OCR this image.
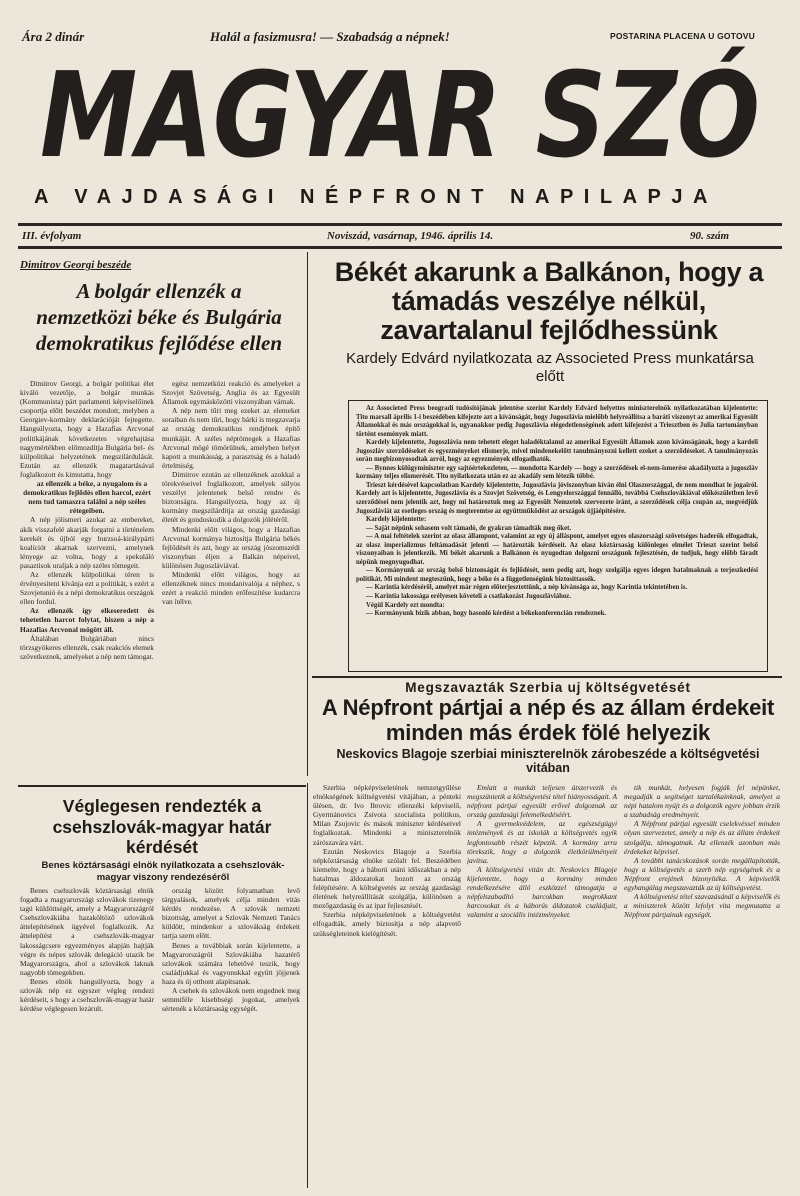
Ára 2 dinár	Halál a fasizmusra! — Szabadság a népnek!	POSTARINA PLACENA U GOTOVU
MAGYAR SZÓ
A VAJDASÁGI NÉPFRONT NAPILAPJA
III. évfolyam	Noviszád, vasárnap, 1946. április 14.	90. szám
Dimitrov Georgi beszéde
A bolgár ellenzék a nemzetközi béke és Bulgária demokratikus fejlődése ellen

Dimitrov Georgi, a bolgár politikai élet kiváló vezetője, a bolgár munkás (Kommunista) párt parlamenti képviselőinek csoportja előtt beszédet mondott, melyben a Georgiev-kormány deklarációját fejtegette. Hangsúlyozta, hogy a Hazafias Arcvonal politikájának következetes végrehajtása nagymértékben előmozdítja Bulgária bel- és külpolitikai helyzetének megszilárdulását. Ezután az ellenzék magatartásával foglalkozott és kimutatta, hogy

az ellenzék a béke, a nyugalom és a demokratikus fejlődés ellen harcol, ezért nem tud tamaszra találni a nép széles rétegeiben.

A nép jólismeri azokat az embereket, akik visszafelé akarják forgatni a történelem kerekét és újból egy burzsoá-királypárti koalíciót akarnak szervezni, amelynek lényege az volna, hogy a spekuláló pasaztisok uraljak a nép széles tömegeit.

Az ellenzék külpolitikai téren is érvényesíteni kívánja ezt a politikát, s ezért a Szovjetunió és a népi demokratikus országok ellen fordul.

Az ellenzék így elkeseredett és tehetetlen harcot folytat, hiszen a nép a Hazafias Arcvonal mögött áll.

Általában Bulgáriában nincs törzsgyökeres ellenzék, csak reakciós elemek szövetkeznek, amelyeket a nép nem támogat.

egész nemzetközi reakció és amelyeket a Szovjet Szövetség, Anglia és az Egyesült Államok egymásközötti viszonyában várnak.

A nép nem tűri meg ezeket az elemeket soraiban és nem tűri, hogy bárki is megzavarja az ország demokratikus rendjének építő munkáját. A széles néptömegek a Hazafias Arcvonal mögé tömörülnek, amelyben helyet kapott a munkásság, a parasztság és a haladó értelmiség.

Dimitrov ezután az ellenzéknek azokkal a törekvéseivel foglalkozott, amelyek súlyos veszélyt jelentenek belső rendre és biztonságra. Hangsúlyozta, hogy az új kormány megszilárdítja az ország gazdasági életét és gondoskodik a dolgozók jólétéről.

Mindenki előtt világos, hogy a Hazafias Arcvonal kormánya biztosítja Bulgária békés fejlődését és azt, hogy az ország jószomszédi viszonyban éljen a Balkán népeivel, különösen Jugoszláviával.

Mindenki előtt világos, hogy az ellenzéknek nincs mondanivalója a néphez, s ezért a reakció minden erőfeszítése kudarcra van ítélve.

Békét akarunk a Balkánon, hogy a támadás veszélye nélkül, zavartalanul fejlődhessünk
Kardely Edvárd nyilatkozata az Associeted Press munkatársa előtt

Az Associeted Press beogradi tudósítójának jelentése szerint Kardely Edvárd helyettes miniszterelnök nyilatkozatában kijelentette: Tito marsall április 1-i beszédében kifejezte azt a kívánságát, hogy Jugoszlávia mielőbb helyreállítsa a baráti viszonyt az amerikai Egyesült Államokkal és más országokkal is, ugyanakkor pedig Jugoszlávia elégedetlenségének adott kifejezést a Triesztben és Julia tartományban történt események miatt.

Kardely kijelentette, Jugoszlávia nem tehetett eleget haladéktalanul az amerikai Egyesült Államok azon kívánságának, hogy a kardeli Jugoszláv szerződéseket és egyezményeket elismerje, mivel mindenekelőtt tanulmányozni kellett ezeket a szerződéseket. A tanulmányozás során megbizonyosodtak arról, hogy az egyezmények elfogadhatók.

— Bynnes külügyminiszter egy sajtóértekezleten, — mondotta Kardely — hogy a szerződések el-nem-ismerése akadályozta a jugoszláv kormány teljes elismerését. Tito nyilatkozata után ez az akadály sem létezik többé.

Trieszt kérdésével kapcsolatban Kardely kijelentette, Jugoszlávia jóviszonyban kíván élni Olaszországgal, de nem mondhat le jogairól. Kardely azt is kijelentette, Jugoszlávia és a Szovjet Szövetség, és Lengyelországgal fennálló, továbbá Csehszlovákiával előkészületben levő szerződései nem jelentik azt, hogy mi határoztuk meg az Egyesült Nemzetek szervezete iránt, a szerződések célja csupán az, megvédjük Jugoszláviát az esetleges ország és megteremtse az együttműködést az országok újjáépítésére.

Kardely kijelentette:

— Saját népünk sohasem volt támadó, de gyakran támadták meg őket.

— A mai feltételek szerint az olasz állampont, valamint az egy új álláspont, amelyet egyes olaszországi szövetséges haderők elfogadtak, az olasz imperializmus feltámadását jelenti — határozták kérdéseit. Az olasz köztársaság különleges elmélet Trieszt szerint belső viszonyaiban is jelentkezik. Mi békét akarunk a Balkánon és nyugodtan dolgozni országunk fejlesztésén, de tudjuk, hogy előbb fáradt népünk megnyugodhat.

— Kormányunk az ország belső biztonságát és fejlődését, nem pedig azt, hogy szolgálja egyes idegen hatalmaknak a terjeszkedési politikát. Mi mindent megteszünk, hogy a béke és a függetlenségünk biztosíttassék.

— Karintia kérdéséről, amelyet már régen előterjesztettünk, a nép kívánsága az, hogy Karintia tekintetében is.

— Karintia lakossága erélyesen követeli a csatlakozást Jugoszláviához.

Végül Kardely ezt mondta:

— Kormányunk bízik abban, hogy hasonló kérdést a békekonferencián rendeznek.

Megszavazták Szerbia uj költségvetését
A Népfront pártjai a nép és az állam érdekeit minden más érdek fölé helyezik
Neskovics Blagoje szerbiai miniszterelnök zárobeszéde a költségvetési vitában

Szerbia népképviseletének nemzetgyűlése elnökségének költségvetési vitájában, a pénteki ülésen, dr. Ivo Ibrovic ellenzéki képviselő, Gyermánovics Zsivota szocialista politikus, Milan Zsujovic és mások miniszter kérdéseivel foglalkoztak. Mindenki a miniszterelnök zárószavára várt.

Ezután Neskovics Blagoje a Szerbia népköztársaság elnöke szólalt fel. Beszédében kiemelte, hogy a háború utáni időszakban a nép hatalmas áldozatokat hozott az ország felépítésére. A költségvetés az ország gazdasági életének helyreállítását szolgálja, különösen a mezőgazdaság és az ipar fejlesztését.

Szerbia népképviseletének a költségvetést elfogadták, amely biztosítja a nép alapvető szükségleteinek kielégítését.

Emlatt a munkát teljesen átszervezik és megszüntetik a költségvetési tétel hiányosságait. A népfront pártjai egyesült erővel dolgoznak az ország gazdasági felemelkedéséért.

A gyermekvédelem, az egészségügyi intézmények és az iskolák a költségvetés egyik legfontosabb részét képezik. A kormány arra törekszik, hogy a dolgozók életkörülményeit javítsa.

A költségvetési vitán dr. Neskovics Blagoje kijelentette, hogy a kormány minden rendelkezésére álló eszközzel támogatja a népfelszabadító harcokban megrokkant harcosokat és a háborús áldozatok családjait, valamint a szociális intézményeket.

tik munkát, helyesen fogják fel népünket, megadják a segítséget tartalékainknak, amelyet a népi hatalom nyújt és a dolgozók egyre jobban érzik a szabadság eredményeit.

A Népfront pártjai egyesült cselekvéssel minden olyan szervezetet, amely a nép és az állam érdekeit szolgálja, támogatnak. Az ellenzék azonban más érdekeket képvisel.

A további tanácskozások során megállapították, hogy a költségvetés a szerb nép egységének és a Népfront erejének bizonyítéka. A képviselők egyhangúlag megszavazták az új költségvetést.

A költségvetési tétel szavazásánál a képviselők és a miniszterek között lefolyt vita megmutatta a Népfront pártjainak egységét.

Véglegesen rendezték a csehszlovák-magyar határ kérdését
Benes köztársasági elnök nyilatkozata a csehszlovák-magyar viszony rendezéséről

Benes csehszlovák köztársasági elnök fogadta a magyarországi szlovákok tizenegy tagú küldöttségét, amely a Magyarországról Csehszlovákiába hazaköltöző szlovákok áttelepítésének ügyével foglalkozik. Az áttelepítést a csehszlovák-magyar lakosságcsere egyezményes alapján hajtják végre és népes szlovák delegáció utazik be Magyarországra, ahol a szlovákok laknak nagyobb tömegekben.

Benes elnök hangsúlyozta, hogy a szlovák nép ez egyszer végleg rendezi kérdéseit, s hogy a csehszlovák-magyar határ kérdése véglegesen lezárult.

ország között folyamatban levő tárgyalások, amelyek célja minden vitás kérdés rendezése. A szlovák nemzeti bizottság, amelyet a Szlovák Nemzeti Tanács küldött, mindenkor a szlovákság érdekeit tartja szem előtt.

Benes a továbbiak során kijelentette, a Magyarországról Szlovákiába hazatérő szlovákok számára lehetővé teszik, hogy családjukkal és vagyonukkal együtt jöjjenek haza és új otthont alapítsanak.

A csehek és szlovákok nem engednek meg semmiféle kisebbségi jogokat, amelyek sértenék a köztársaság egységét.
